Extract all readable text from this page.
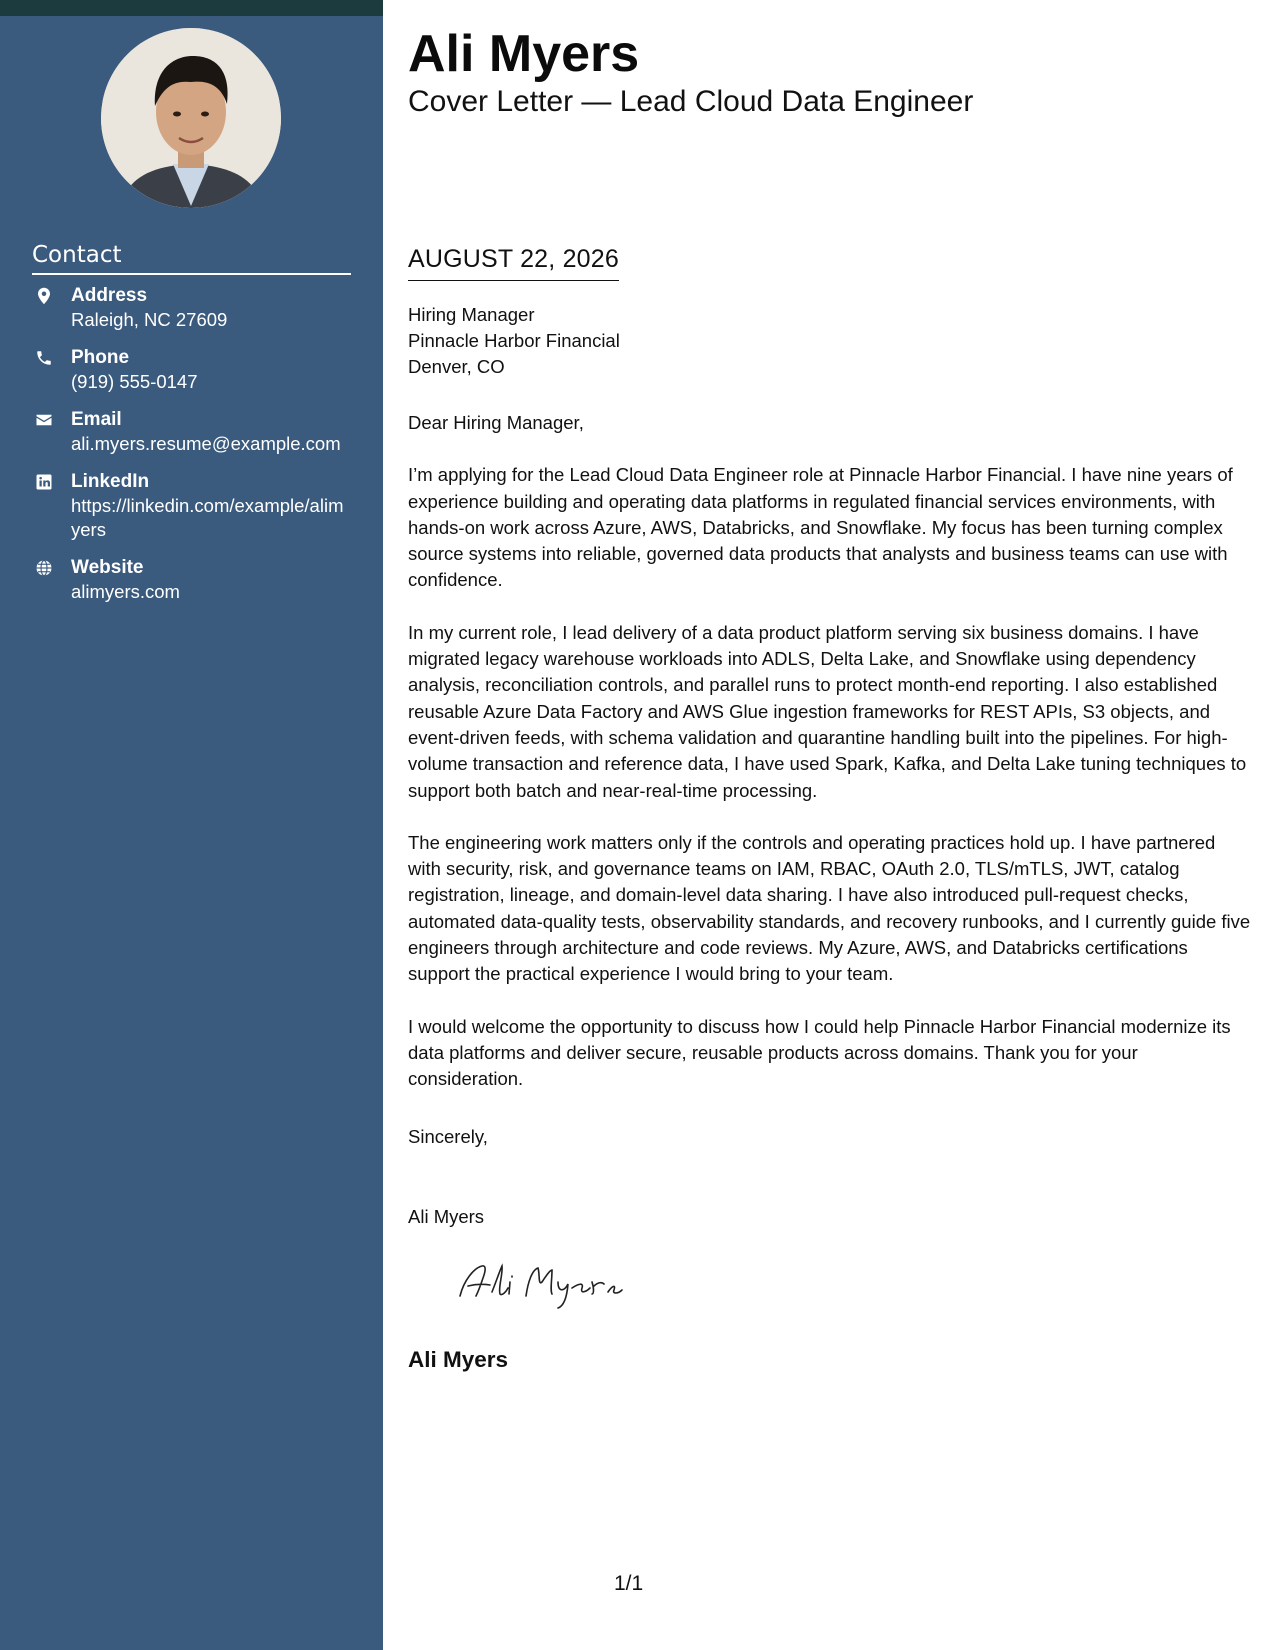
Contact
Address
Raleigh, NC 27609
Phone
(919) 555-0147
Email
ali.myers.resume@example.com
LinkedIn
https://linkedin.com/example/alimyers
Website
alimyers.com
Ali Myers
Cover Letter — Lead Cloud Data Engineer
AUGUST 22, 2026
Hiring Manager
Pinnacle Harbor Financial
Denver, CO
Dear Hiring Manager,

I’m applying for the Lead Cloud Data Engineer role at Pinnacle Harbor Financial. I have nine years of experience building and operating data platforms in regulated financial services environments, with hands-on work across Azure, AWS, Databricks, and Snowflake. My focus has been turning complex source systems into reliable, governed data products that analysts and business teams can use with confidence.

In my current role, I lead delivery of a data product platform serving six business domains. I have migrated legacy warehouse workloads into ADLS, Delta Lake, and Snowflake using dependency analysis, reconciliation controls, and parallel runs to protect month-end reporting. I also established reusable Azure Data Factory and AWS Glue ingestion frameworks for REST APIs, S3 objects, and event-driven feeds, with schema validation and quarantine handling built into the pipelines. For high-volume transaction and reference data, I have used Spark, Kafka, and Delta Lake tuning techniques to support both batch and near-real-time processing.

The engineering work matters only if the controls and operating practices hold up. I have partnered with security, risk, and governance teams on IAM, RBAC, OAuth 2.0, TLS/mTLS, JWT, catalog registration, lineage, and domain-level data sharing. I have also introduced pull-request checks, automated data-quality tests, observability standards, and recovery runbooks, and I currently guide five engineers through architecture and code reviews. My Azure, AWS, and Databricks certifications support the practical experience I would bring to your team.

I would welcome the opportunity to discuss how I could help Pinnacle Harbor Financial modernize its data platforms and deliver secure, reusable products across domains. Thank you for your consideration.

Sincerely,
Ali Myers
Ali Myers
1/1
